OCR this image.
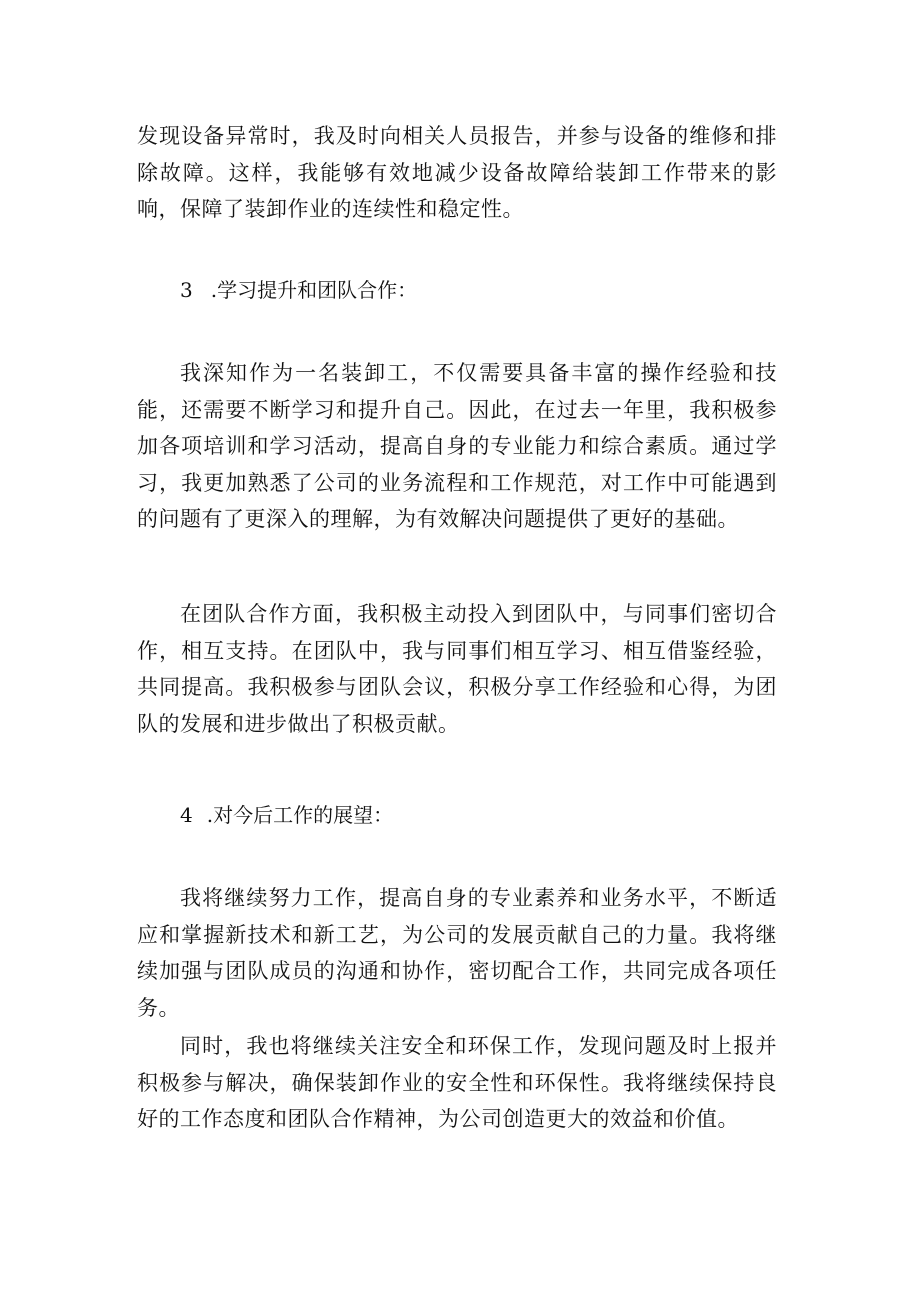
发现设备异常时，我及时向相关人员报告，并参与设备的维修和排除故障。这样，我能够有效地减少设备故障给装卸工作带来的影响，保障了装卸作业的连续性和稳定性。

3 .学习提升和团队合作：

我深知作为一名装卸工，不仅需要具备丰富的操作经验和技能，还需要不断学习和提升自己。因此，在过去一年里，我积极参加各项培训和学习活动，提高自身的专业能力和综合素质。通过学习，我更加熟悉了公司的业务流程和工作规范，对工作中可能遇到的问题有了更深入的理解，为有效解决问题提供了更好的基础。

在团队合作方面，我积极主动投入到团队中，与同事们密切合作，相互支持。在团队中，我与同事们相互学习、相互借鉴经验，共同提高。我积极参与团队会议，积极分享工作经验和心得，为团队的发展和进步做出了积极贡献。

4 .对今后工作的展望：

我将继续努力工作，提高自身的专业素养和业务水平，不断适应和掌握新技术和新工艺，为公司的发展贡献自己的力量。我将继续加强与团队成员的沟通和协作，密切配合工作，共同完成各项任务。

同时，我也将继续关注安全和环保工作，发现问题及时上报并积极参与解决，确保装卸作业的安全性和环保性。我将继续保持良好的工作态度和团队合作精神，为公司创造更大的效益和价值。
